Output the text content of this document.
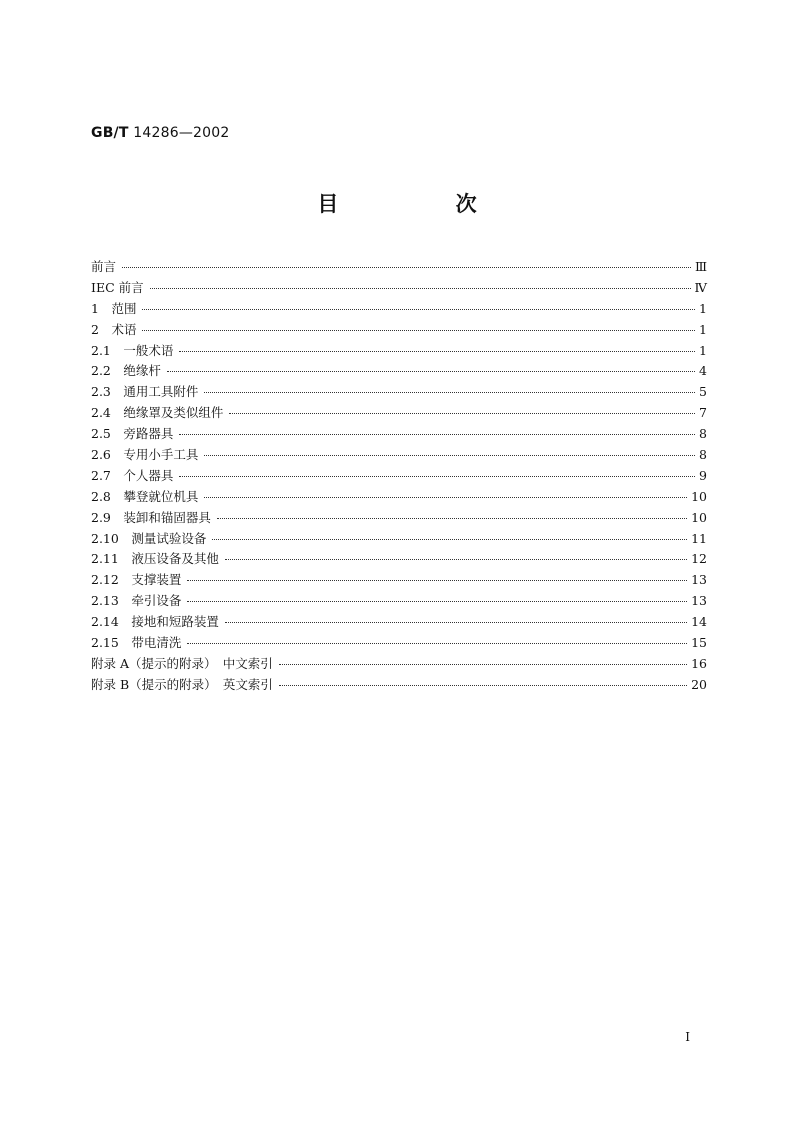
GB/T 14286—2002
目 次
前言	Ⅲ
IEC 前言	Ⅳ
1　范围	1
2　术语	1
2.1　一般术语	1
2.2　绝缘杆	4
2.3　通用工具附件	5
2.4　绝缘罩及类似组件	7
2.5　旁路器具	8
2.6　专用小手工具	8
2.7　个人器具	9
2.8　攀登就位机具	10
2.9　装卸和锚固器具	10
2.10　测量试验设备	11
2.11　液压设备及其他	12
2.12　支撑装置	13
2.13　牵引设备	13
2.14　接地和短路装置	14
2.15　带电清洗	15
附录 A（提示的附录）　中文索引	16
附录 B（提示的附录）　英文索引	20
I
